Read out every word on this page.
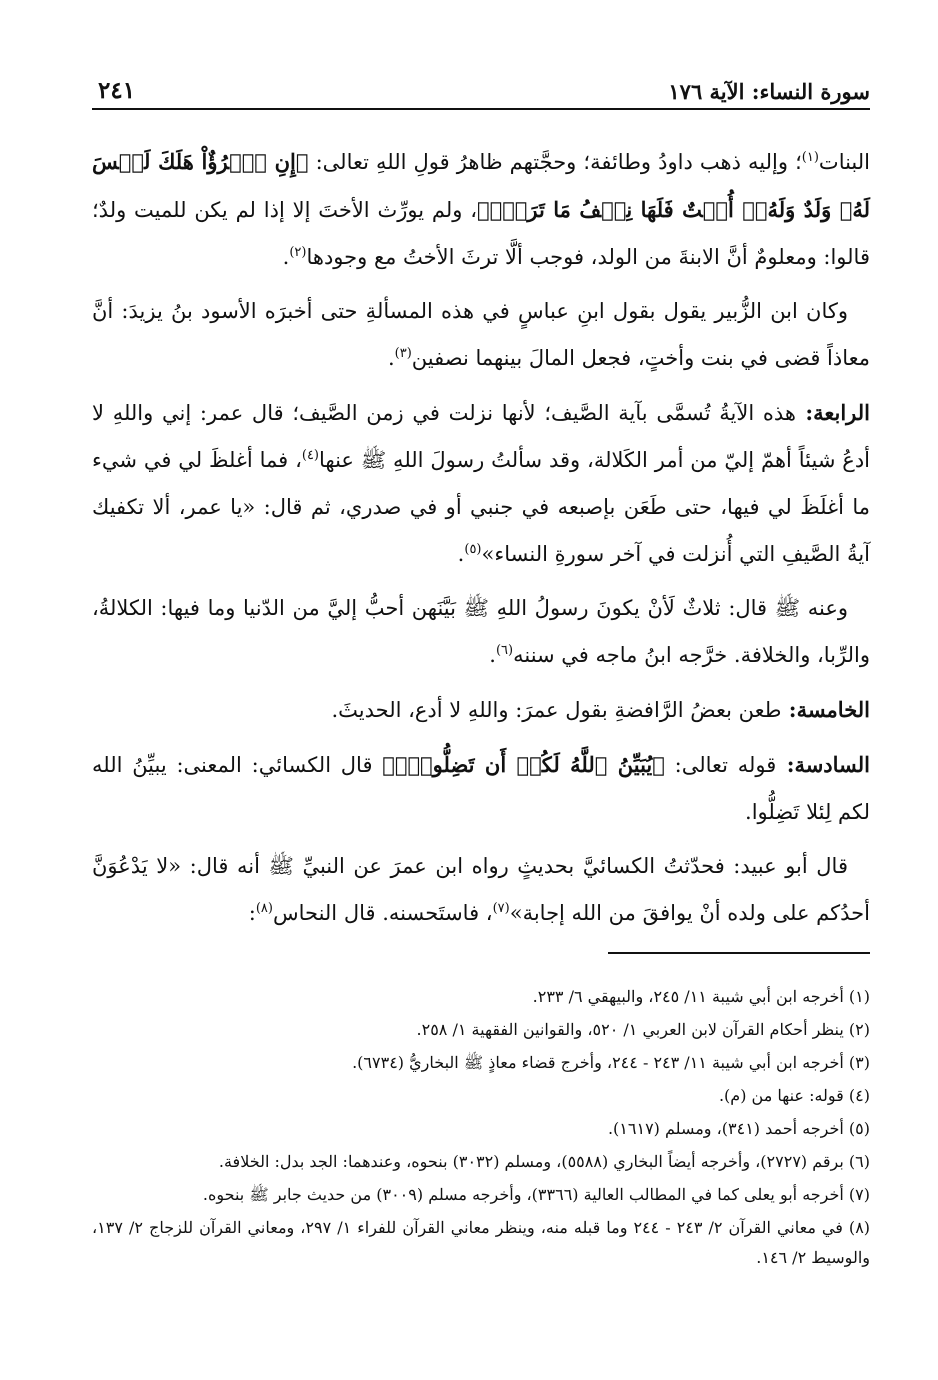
سورة النساء: الآية ١٧٦
٢٤١

البنات$^{(١)}$؛ وإليه ذهب داودُ وطائفة؛ وحجَّتهم ظاهرُ قولِ اللهِ تعالى: ﴿إِنِ ٱمۡرُؤٌاْ هَلَكَ لَيۡسَ لَهُۥ وَلَدٌ وَلَهُۥٓ أُخۡتٌ فَلَهَا نِصۡفُ مَا تَرَكَۚ﴾، ولم يورِّث الأختَ إلا إذا لم يكن للميت ولدٌ؛ قالوا: ومعلومٌ أنَّ الابنةَ من الولد، فوجب ألَّا ترثَ الأختُ مع وجودها$^{(٢)}$.

وكان ابن الزُّبير يقول بقول ابنِ عباسٍ في هذه المسألةِ حتى أخبرَه الأسود بنُ يزيدَ: أنَّ معاذاً قضى في بنت وأختٍ، فجعل المالَ بينهما نصفين$^{(٣)}$.

الرابعة: هذه الآيةُ تُسمَّى بآية الصَّيف؛ لأنها نزلت في زمن الصَّيف؛ قال عمر: إني واللهِ لا أدعُ شيئاً أهمّ إليّ من أمر الكَلالة، وقد سألتُ رسولَ اللهِ ﷺ عنها$^{(٤)}$، فما أغلظَ لي في شيء ما أغلَظَ لي فيها، حتى طَعَن بإصبعه في جنبي أو في صدري، ثم قال: «يا عمر، ألا تكفيك آيةُ الصَّيفِ التي أُنزلت في آخر سورةِ النساء»$^{(٥)}$.

وعنه ﷺ قال: ثلاثٌ لَأنْ يكونَ رسولُ اللهِ ﷺ بَيَّنَهن أحبُّ إليَّ من الدّنيا وما فيها: الكلالةُ، والرِّبا، والخلافة. خرَّجه ابنُ ماجه في سننه$^{(٦)}$.

الخامسة: طعن بعضُ الرَّافضةِ بقول عمرَ: واللهِ لا أدع، الحديثَ.

السادسة: قوله تعالى: ﴿يُبَيِّنُ ٱللَّهُ لَكُمۡ أَن تَضِلُّواْۗ﴾ قال الكسائي: المعنى: يبيِّنُ الله لكم لِئلا تَضِلُّوا.

قال أبو عبيد: فحدّثتُ الكسائيَّ بحديثٍ رواه ابن عمرَ عن النبيِّ ﷺ أنه قال: «لا يَدْعُوَنَّ أحدُكم على ولده أنْ يوافقَ من الله إجابة»$^{(٧)}$، فاستَحسنه. قال النحاس$^{(٨)}$:

(١) أخرجه ابن أبي شيبة ١١/ ٢٤٥، والبيهقي ٦/ ٢٣٣.
(٢) ينظر أحكام القرآن لابن العربي ١/ ٥٢٠، والقوانين الفقهية ١/ ٢٥٨.
(٣) أخرجه ابن أبي شيبة ١١/ ٢٤٣ - ٢٤٤، وأخرج قضاء معاذٍ ﷺ البخاريُّ (٦٧٣٤).
(٤) قوله: عنها من (م).
(٥) أخرجه أحمد (٣٤١)، ومسلم (١٦١٧).
(٦) برقم (٢٧٢٧)، وأخرجه أيضاً البخاري (٥٥٨٨)، ومسلم (٣٠٣٢) بنحوه، وعندهما: الجد بدل: الخلافة.
(٧) أخرجه أبو يعلى كما في المطالب العالية (٣٣٦٦)، وأخرجه مسلم (٣٠٠٩) من حديث جابر ﷺ بنحوه.
(٨) في معاني القرآن ٢/ ٢٤٣ - ٢٤٤ وما قبله منه، وينظر معاني القرآن للفراء ١/ ٢٩٧، ومعاني القرآن للزجاج ٢/ ١٣٧، والوسيط ٢/ ١٤٦.
